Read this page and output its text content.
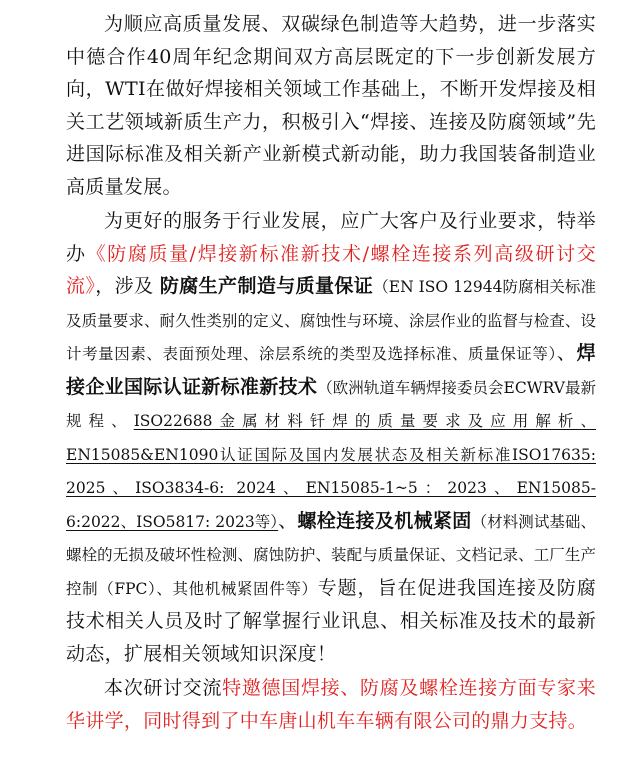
为顺应高质量发展、双碳绿色制造等大趋势，进一步落实中德合作40周年纪念期间双方高层既定的下一步创新发展方向，WTI在做好焊接相关领域工作基础上，不断开发焊接及相关工艺领域新质生产力，积极引入“焊接、连接及防腐领域”先进国际标准及相关新产业新模式新动能，助力我国装备制造业高质量发展。

为更好的服务于行业发展，应广大客户及行业要求，特举办《防腐质量/焊接新标准新技术/螺栓连接系列高级研讨交流》，涉及 防腐生产制造与质量保证（EN ISO 12944防腐相关标准及质量要求、耐久性类别的定义、腐蚀性与环境、涂层作业的监督与检查、设计考量因素、表面预处理、涂层系统的类型及选择标准、质量保证等）、焊接企业国际认证新标准新技术（欧洲轨道车辆焊接委员会ECWRV最新规程、ISO22688金属材料钎焊的质量要求及应用解析、EN15085&EN1090认证国际及国内发展状态及相关新标准ISO17635: 2025、ISO3834-6: 2024、EN15085-1~5：2023、EN15085-6:2022、ISO5817: 2023等）、螺栓连接及机械紧固（材料测试基础、螺栓的无损及破坏性检测、腐蚀防护、装配与质量保证、文档记录、工厂生产控制（FPC）、其他机械紧固件等）专题，旨在促进我国连接及防腐技术相关人员及时了解掌握行业讯息、相关标准及技术的最新动态，扩展相关领域知识深度！

本次研讨交流特邀德国焊接、防腐及螺栓连接方面专家来华讲学，同时得到了中车唐山机车车辆有限公司的鼎力支持。
